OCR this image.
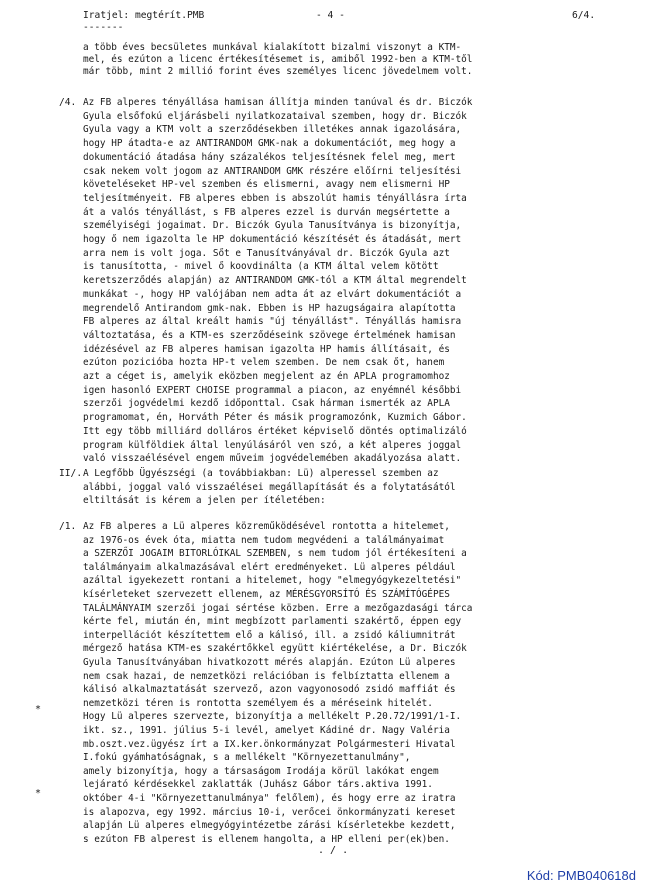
Iratjel: megtérít.PMB	- 4 -	6/4.
-------
a több éves becsületes munkával kialakított bizalmi viszonyt a KTM-
mel, és ezúton a licenc értékesítésemet is, amiből 1992-ben a KTM-től
már több, mint 2 millió forint éves személyes licenc jövedelmem volt.
/4. Az FB alperes tényállása hamisan állítja minden tanúval és dr. Biczók
Gyula elsőfokú eljárásbeli nyilatkozataival szemben, hogy dr. Biczók
Gyula vagy a KTM volt a szerződésekben illetékes annak igazolására,
hogy HP átadta-e az ANTIRANDOM GMK-nak a dokumentációt, meg hogy a
dokumentáció átadása hány százalékos teljesítésnek felel meg, mert
csak nekem volt jogom az ANTIRANDOM GMK részére előírni teljesítési
követeléseket HP-vel szemben és elismerni, avagy nem elismerni HP
teljesítményeit. FB alperes ebben is abszolút hamis tényállásra írta
át a valós tényállást, s FB alperes ezzel is durván megsértette a
személyiségi jogaimat. Dr. Biczók Gyula Tanusítványa is bizonyítja,
hogy ő nem igazolta le HP dokumentáció készítését és átadását, mert
arra nem is volt joga. Sőt e Tanusítványával dr. Biczók Gyula azt
is tanusította, - mivel ő koovdinálta (a KTM által velem kötött
keretszerződés alapján) az ANTIRANDOM GMK-tól a KTM által megrendelt
munkákat -, hogy HP valójában nem adta át az elvárt dokumentációt a
megrendelő Antirandom gmk-nak. Ebben is HP hazugságaira alapította
FB alperes az által kreált hamis "új tényállást". Tényállás hamisra
változtatása, és a KTM-es szerződéseink szövege értelmének hamisan
idézésével az FB alperes hamisan igazolta HP hamis állításait, és
ezúton pozicióba hozta HP-t velem szemben. De nem csak őt, hanem
azt a céget is, amelyik eközben megjelent az én APLA programomhoz
igen hasonló EXPERT CHOISE programmal a piacon, az enyémnél későbbi
szerzői jogvédelmi kezdő időponttal. Csak hárman ismerték az APLA
programomat, én, Horváth Péter és másik programozónk, Kuzmich Gábor.
Itt egy több milliárd dolláros értéket képviselő döntés optimalizáló
program külföldiek által lenyúlásáról ven szó, a két alperes joggal
való visszaélésével engem műveim jogvédelemében akadályozása alatt.
II/. A Legfőbb Ügyészségi (a továbbiakban: Lü) alperessel szemben az
alábbi, joggal való visszaélései megállapítását és a folytatásától
eltiltását is kérem a jelen per ítéletében:
/1. Az FB alperes a Lü alperes közreműködésével rontotta a hitelemet,
az 1976-os évek óta, miatta nem tudom megvédeni a találmányaimat
a SZERZŐI JOGAIM BITORLÓIKAL SZEMBEN, s nem tudom jól értékesíteni a
találmányaim alkalmazásával elért eredményeket. Lü alperes például
azáltal igyekezett rontani a hitelemet, hogy "elmegyógykezeltetési"
kísérleteket szervezett ellenem, az MÉRÉSGYORSÍTÓ ÉS SZÁMÍTÓGÉPES
TALÁLMÁNYAIM szerzői jogai sértése közben. Erre a mezőgazdasági tárca
kérte fel, miután én, mint megbízott parlamenti szakértő, éppen egy
interpellációt készítettem elő a kálisó, ill. a zsidó káliumnitrát
mérgező hatása KTM-es szakértőkkel együtt kiértékelése, a Dr. Biczók
Gyula Tanusítványában hivatkozott mérés alapján. Ezúton Lü alperes
nem csak hazai, de nemzetközi relációban is felbíztatta ellenem a
kálisó alkalmaztatását szervező, azon vagyonosodó zsidó maffiát és
nemzetközi téren is rontotta személyem és a méréseink hitelét.
Hogy Lü alperes szervezte, bizonyítja a mellékelt P.20.72/1991/1-I.
ikt. sz., 1991. július 5-i levél, amelyet Kádiné dr. Nagy Valéria
mb.oszt.vez.ügyész írt a IX.ker.önkormányzat Polgármesteri Hivatal
I.fokú gyámhatóságnak, s a mellékelt "Környezettanulmány",
amely bizonyítja, hogy a társaságom Irodája körül lakókat engem
lejárató kérdésekkel zaklatták (Juhász Gábor társ.aktiva 1991.
október 4-i "Környezettanulmánya" felőlem), és hogy erre az iratra
is alapozva, egy 1992. március 10-i, verőcei önkormányzati kereset
alapján Lü alperes elmegyógyintézetbe zárási kísérletekbe kezdett,
s ezúton FB alperest is ellenem hangolta, a HP elleni per(ek)ben.
*
*
. / .
Kód: PMB040618d
